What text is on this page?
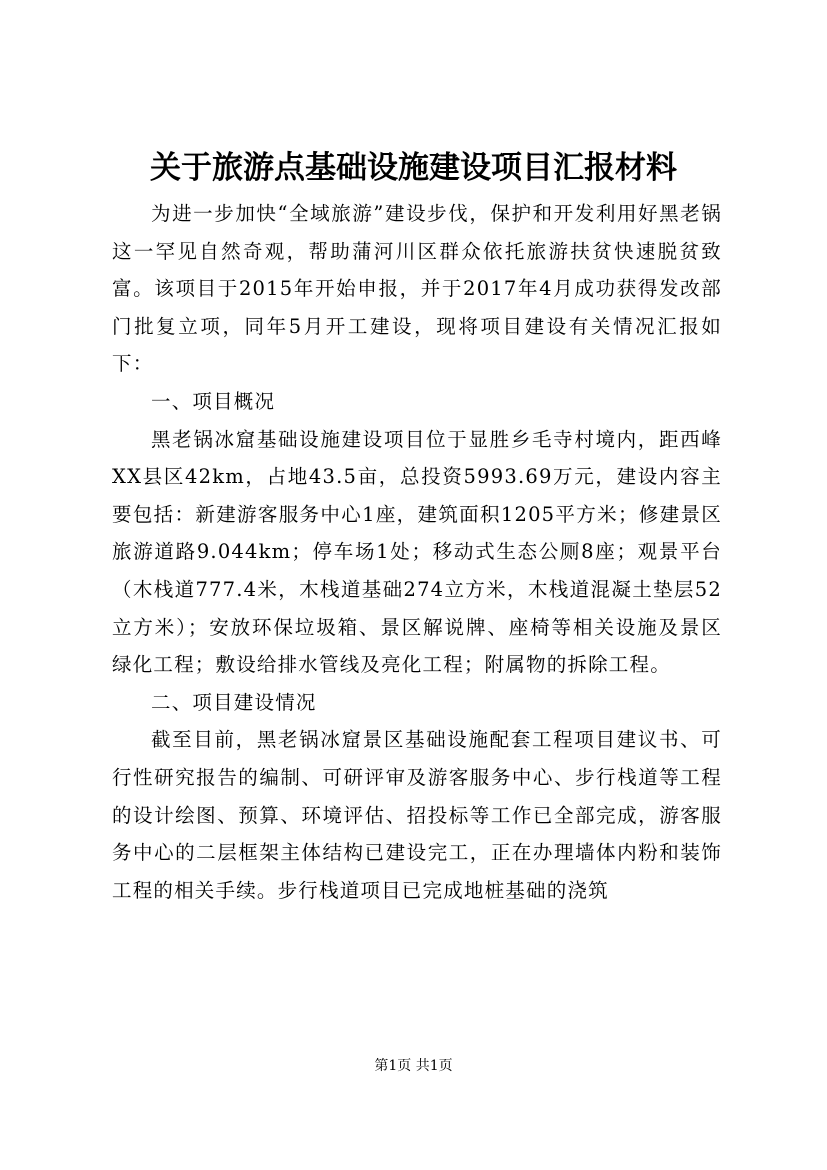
关于旅游点基础设施建设项目汇报材料

为进一步加快“全域旅游”建设步伐，保护和开发利用好黑老锅这一罕见自然奇观，帮助蒲河川区群众依托旅游扶贫快速脱贫致富。该项目于2015年开始申报，并于2017年4月成功获得发改部门批复立项，同年5月开工建设，现将项目建设有关情况汇报如下：

一、项目概况

黑老锅冰窟基础设施建设项目位于显胜乡毛寺村境内，距西峰XX县区42km，占地43.5亩，总投资5993.69万元，建设内容主要包括：新建游客服务中心1座，建筑面积1205平方米；修建景区旅游道路9.044km；停车场1处；移动式生态公厕8座；观景平台（木栈道777.4米，木栈道基础274立方米，木栈道混凝土垫层52立方米）；安放环保垃圾箱、景区解说牌、座椅等相关设施及景区绿化工程；敷设给排水管线及亮化工程；附属物的拆除工程。

二、项目建设情况

截至目前，黑老锅冰窟景区基础设施配套工程项目建议书、可行性研究报告的编制、可研评审及游客服务中心、步行栈道等工程的设计绘图、预算、环境评估、招投标等工作已全部完成，游客服务中心的二层框架主体结构已建设完工，正在办理墙体内粉和装饰工程的相关手续。步行栈道项目已完成地桩基础的浇筑

第1页 共1页
